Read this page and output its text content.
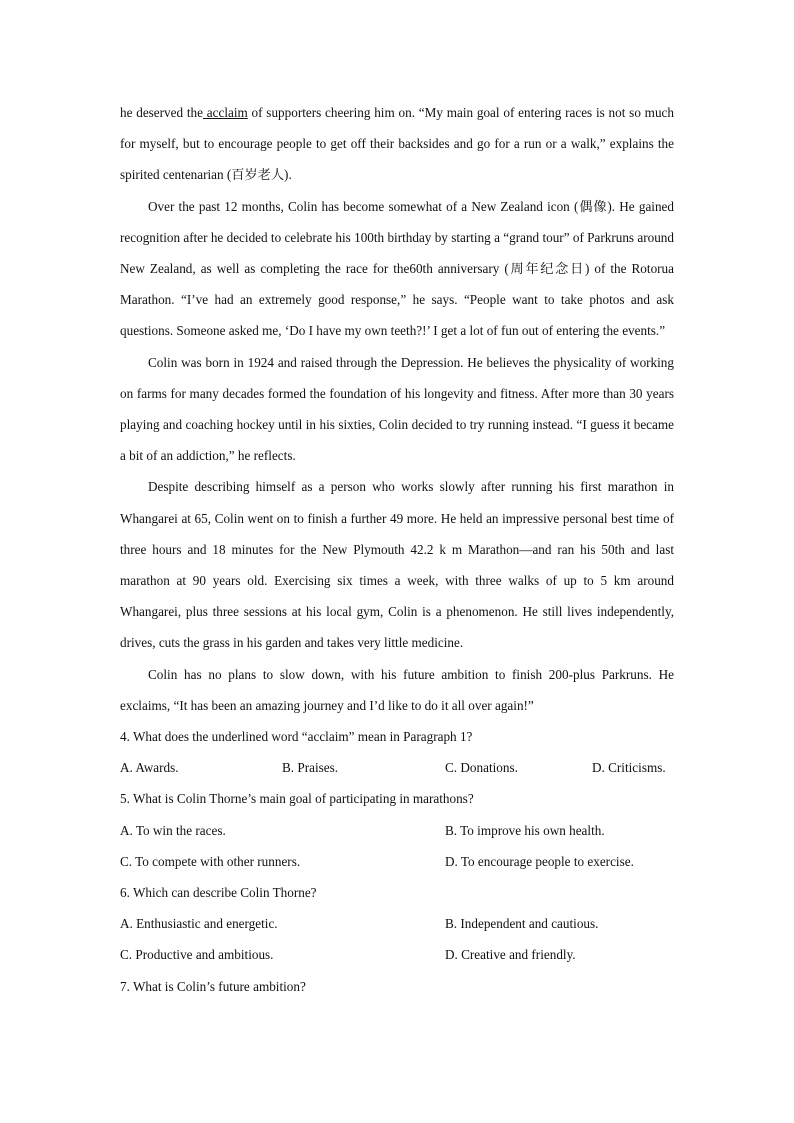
he deserved the acclaim of supporters cheering him on. “My main goal of entering races is not so much for myself, but to encourage people to get off their backsides and go for a run or a walk,” explains the spirited centenarian (百岁老人).

Over the past 12 months, Colin has become somewhat of a New Zealand icon (偶像). He gained recognition after he decided to celebrate his 100th birthday by starting a “grand tour” of Parkruns around New Zealand, as well as completing the race for the60th anniversary (周年纪念日) of the Rotorua Marathon. “I’ve had an extremely good response,” he says. “People want to take photos and ask questions. Someone asked me, ‘Do I have my own teeth?!’ I get a lot of fun out of entering the events.”

Colin was born in 1924 and raised through the Depression. He believes the physicality of working on farms for many decades formed the foundation of his longevity and fitness. After more than 30 years playing and coaching hockey until in his sixties, Colin decided to try running instead. “I guess it became a bit of an addiction,” he reflects.

Despite describing himself as a person who works slowly after running his first marathon in Whangarei at 65, Colin went on to finish a further 49 more. He held an impressive personal best time of three hours and 18 minutes for the New Plymouth 42.2 k m Marathon—and ran his 50th and last marathon at 90 years old. Exercising six times a week, with three walks of up to 5 km around Whangarei, plus three sessions at his local gym, Colin is a phenomenon. He still lives independently, drives, cuts the grass in his garden and takes very little medicine.

Colin has no plans to slow down, with his future ambition to finish 200-plus Parkruns. He exclaims, “It has been an amazing journey and I’d like to do it all over again!”

4. What does the underlined word “acclaim” mean in Paragraph 1?

A. Awards.	B. Praises.	C. Donations.	D. Criticisms.

5. What is Colin Thorne’s main goal of participating in marathons?

A. To win the races.	B. To improve his own health.
C. To compete with other runners.	D. To encourage people to exercise.

6. Which can describe Colin Thorne?

A. Enthusiastic and energetic.	B. Independent and cautious.
C. Productive and ambitious.	D. Creative and friendly.

7. What is Colin’s future ambition?
